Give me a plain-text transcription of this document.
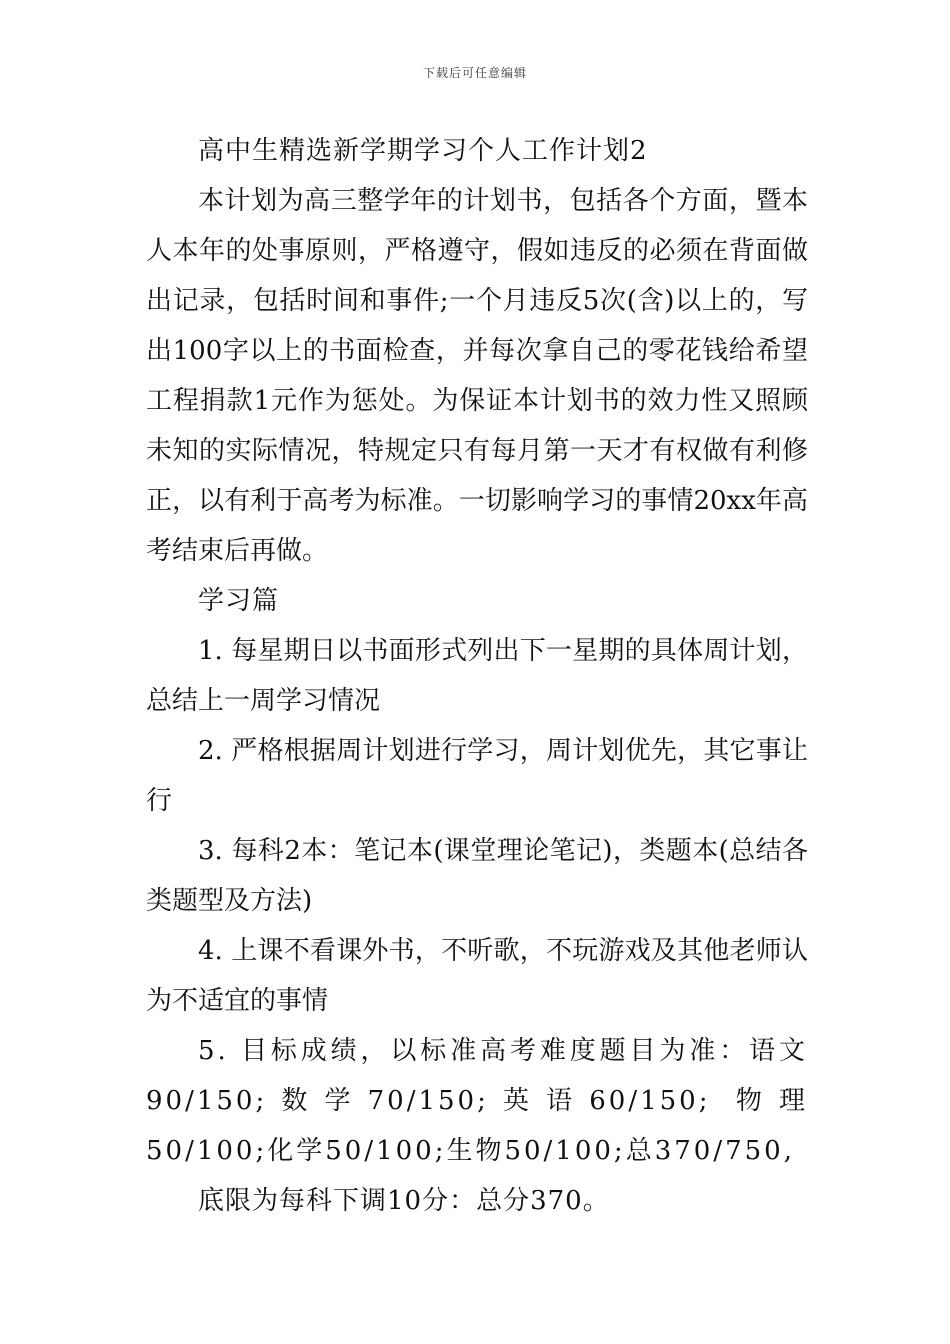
下载后可任意编辑

高中生精选新学期学习个人工作计划2

本计划为高三整学年的计划书，包括各个方面，暨本人本年的处事原则，严格遵守，假如违反的必须在背面做出记录，包括时间和事件;一个月违反5次(含)以上的，写出100字以上的书面检查，并每次拿自己的零花钱给希望工程捐款1元作为惩处。为保证本计划书的效力性又照顾未知的实际情况，特规定只有每月第一天才有权做有利修正，以有利于高考为标准。一切影响学习的事情20xx年高考结束后再做。

学习篇

1. 每星期日以书面形式列出下一星期的具体周计划，总结上一周学习情况

2. 严格根据周计划进行学习，周计划优先，其它事让行

3. 每科2本：笔记本(课堂理论笔记)，类题本(总结各类题型及方法)

4. 上课不看课外书，不听歌，不玩游戏及其他老师认为不适宜的事情

5. 目标成绩，以标准高考难度题目为准：语文90/150;数学70/150;英语60/150; 物理50/100;化学50/100;生物50/100;总370/750,

底限为每科下调10分：总分370。
